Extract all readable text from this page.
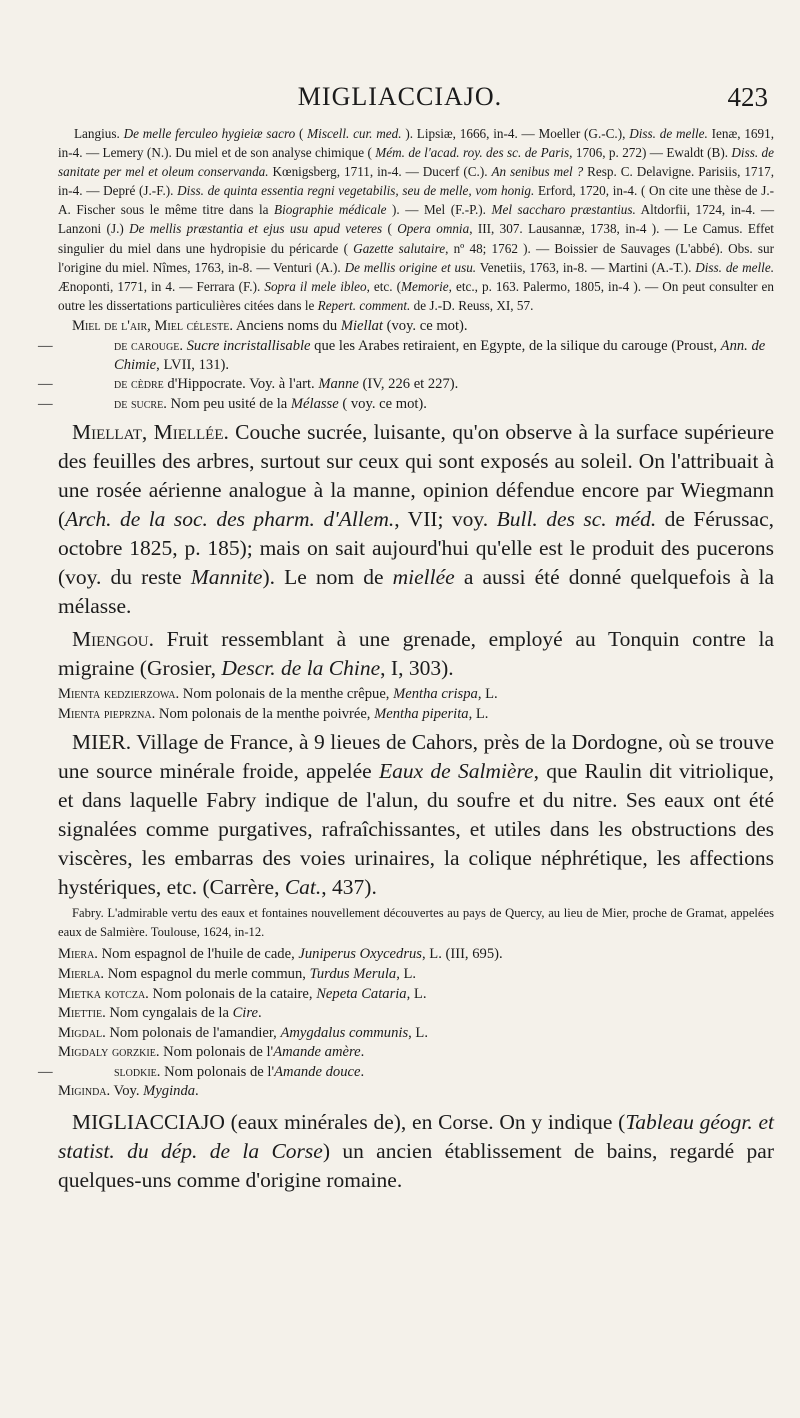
MIGLIACCIAJO.	423

Langius. De melle ferculeo hygieiæ sacro ( Miscell. cur. med. ). Lipsiæ, 1666, in-4. — Moeller (G.-C.), Diss. de melle. Ienæ, 1691, in-4. — Lemery (N.). Du miel et de son analyse chimique ( Mém. de l'acad. roy. des sc. de Paris, 1706, p. 272) — Ewaldt (B). Diss. de sanitate per mel et oleum conservanda. Kœnigsberg, 1711, in-4. — Ducerf (C.). An senibus mel ? Resp. C. Delavigne. Parisiis, 1717, in-4. — Depré (J.-F.). Diss. de quinta essentia regni vegetabilis, seu de melle, vom honig. Erford, 1720, in-4. ( On cite une thèse de J.-A. Fischer sous le même titre dans la Biographie médicale ). — Mel (F.-P.). Mel saccharo præstantius. Altdorfii, 1724, in-4. — Lanzoni (J.) De mellis præstantia et ejus usu apud veteres ( Opera omnia, III, 307. Lausannæ, 1738, in-4 ). — Le Camus. Effet singulier du miel dans une hydropisie du péricarde ( Gazette salutaire, nº 48; 1762 ). — Boissier de Sauvages (L'abbé). Obs. sur l'origine du miel. Nîmes, 1763, in-8. — Venturi (A.). De mellis origine et usu. Venetiis, 1763, in-8. — Martini (A.-T.). Diss. de melle. Ænoponti, 1771, in 4. — Ferrara (F.). Sopra il mele ibleo, etc. (Memorie, etc., p. 163. Palermo, 1805, in-4 ). — On peut consulter en outre les dissertations particulières citées dans le Repert. comment. de J.-D. Reuss, XI, 57.

Miel de l'air, Miel céleste. Anciens noms du Miellat (voy. ce mot).

—	de carouge. Sucre incristallisable que les Arabes retiraient, en Egypte, de la silique du carouge (Proust, Ann. de Chimie, LVII, 131).

—	de cèdre d'Hippocrate. Voy. à l'art. Manne (IV, 226 et 227).

—	de sucre. Nom peu usité de la Mélasse ( voy. ce mot).

Miellat, Miellée. Couche sucrée, luisante, qu'on observe à la surface supérieure des feuilles des arbres, surtout sur ceux qui sont exposés au soleil. On l'attribuait à une rosée aérienne analogue à la manne, opinion défendue encore par Wiegmann (Arch. de la soc. des pharm. d'Allem., VII; voy. Bull. des sc. méd. de Férussac, octobre 1825, p. 185); mais on sait aujourd'hui qu'elle est le produit des pucerons (voy. du reste Mannite). Le nom de miellée a aussi été donné quelquefois à la mélasse.

Miengou. Fruit ressemblant à une grenade, employé au Tonquin contre la migraine (Grosier, Descr. de la Chine, I, 303).

Mienta kedzierzowa. Nom polonais de la menthe crêpue, Mentha crispa, L.

Mienta pieprzna. Nom polonais de la menthe poivrée, Mentha piperita, L.

MIER. Village de France, à 9 lieues de Cahors, près de la Dordogne, où se trouve une source minérale froide, appelée Eaux de Salmière, que Raulin dit vitriolique, et dans laquelle Fabry indique de l'alun, du soufre et du nitre. Ses eaux ont été signalées comme purgatives, rafraîchissantes, et utiles dans les obstructions des viscères, les embarras des voies urinaires, la colique néphrétique, les affections hystériques, etc. (Carrère, Cat., 437).

Fabry. L'admirable vertu des eaux et fontaines nouvellement découvertes au pays de Quercy, au lieu de Mier, proche de Gramat, appelées eaux de Salmière. Toulouse, 1624, in-12.

Miera. Nom espagnol de l'huile de cade, Juniperus Oxycedrus, L. (III, 695).

Mierla. Nom espagnol du merle commun, Turdus Merula, L.

Mietka kotcza. Nom polonais de la cataire, Nepeta Cataria, L.

Miettie. Nom cyngalais de la Cire.

Migdal. Nom polonais de l'amandier, Amygdalus communis, L.

Migdaly gorzkie. Nom polonais de l'Amande amère.

—	slodkie. Nom polonais de l'Amande douce.

Miginda. Voy. Myginda.

MIGLIACCIAJO (eaux minérales de), en Corse. On y indique (Tableau géogr. et statist. du dép. de la Corse) un ancien établissement de bains, regardé par quelques-uns comme d'origine romaine.
